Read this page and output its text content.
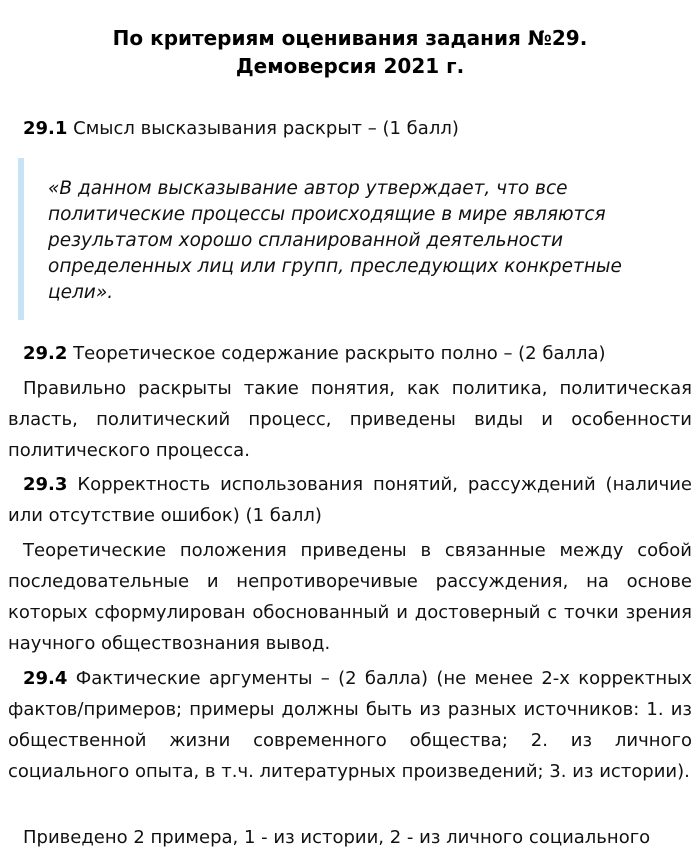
По критериям оценивания задания №29.
Демоверсия 2021 г.
29.1 Смысл высказывания раскрыт – (1 балл)
«В данном высказывание автор утверждает, что все политические процессы происходящие в мире являются результатом хорошо спланированной деятельности определенных лиц или групп, преследующих конкретные цели».
29.2 Теоретическое содержание раскрыто полно – (2 балла)
Правильно раскрыты такие понятия, как политика, политическая власть, политический процесс, приведены виды и особенности политического процесса.
29.3 Корректность использования понятий, рассуждений (наличие или отсутствие ошибок) (1 балл)
Теоретические положения приведены в связанные между собой последовательные и непротиворечивые рассуждения, на основе которых сформулирован обоснованный и достоверный с точки зрения научного обществознания вывод.
29.4 Фактические аргументы – (2 балла) (не менее 2-х корректных фактов/примеров; примеры должны быть из разных источников: 1. из общественной жизни современного общества; 2. из личного социального опыта, в т.ч. литературных произведений; 3. из истории).
Приведено 2 примера, 1 - из истории, 2 - из личного социального
